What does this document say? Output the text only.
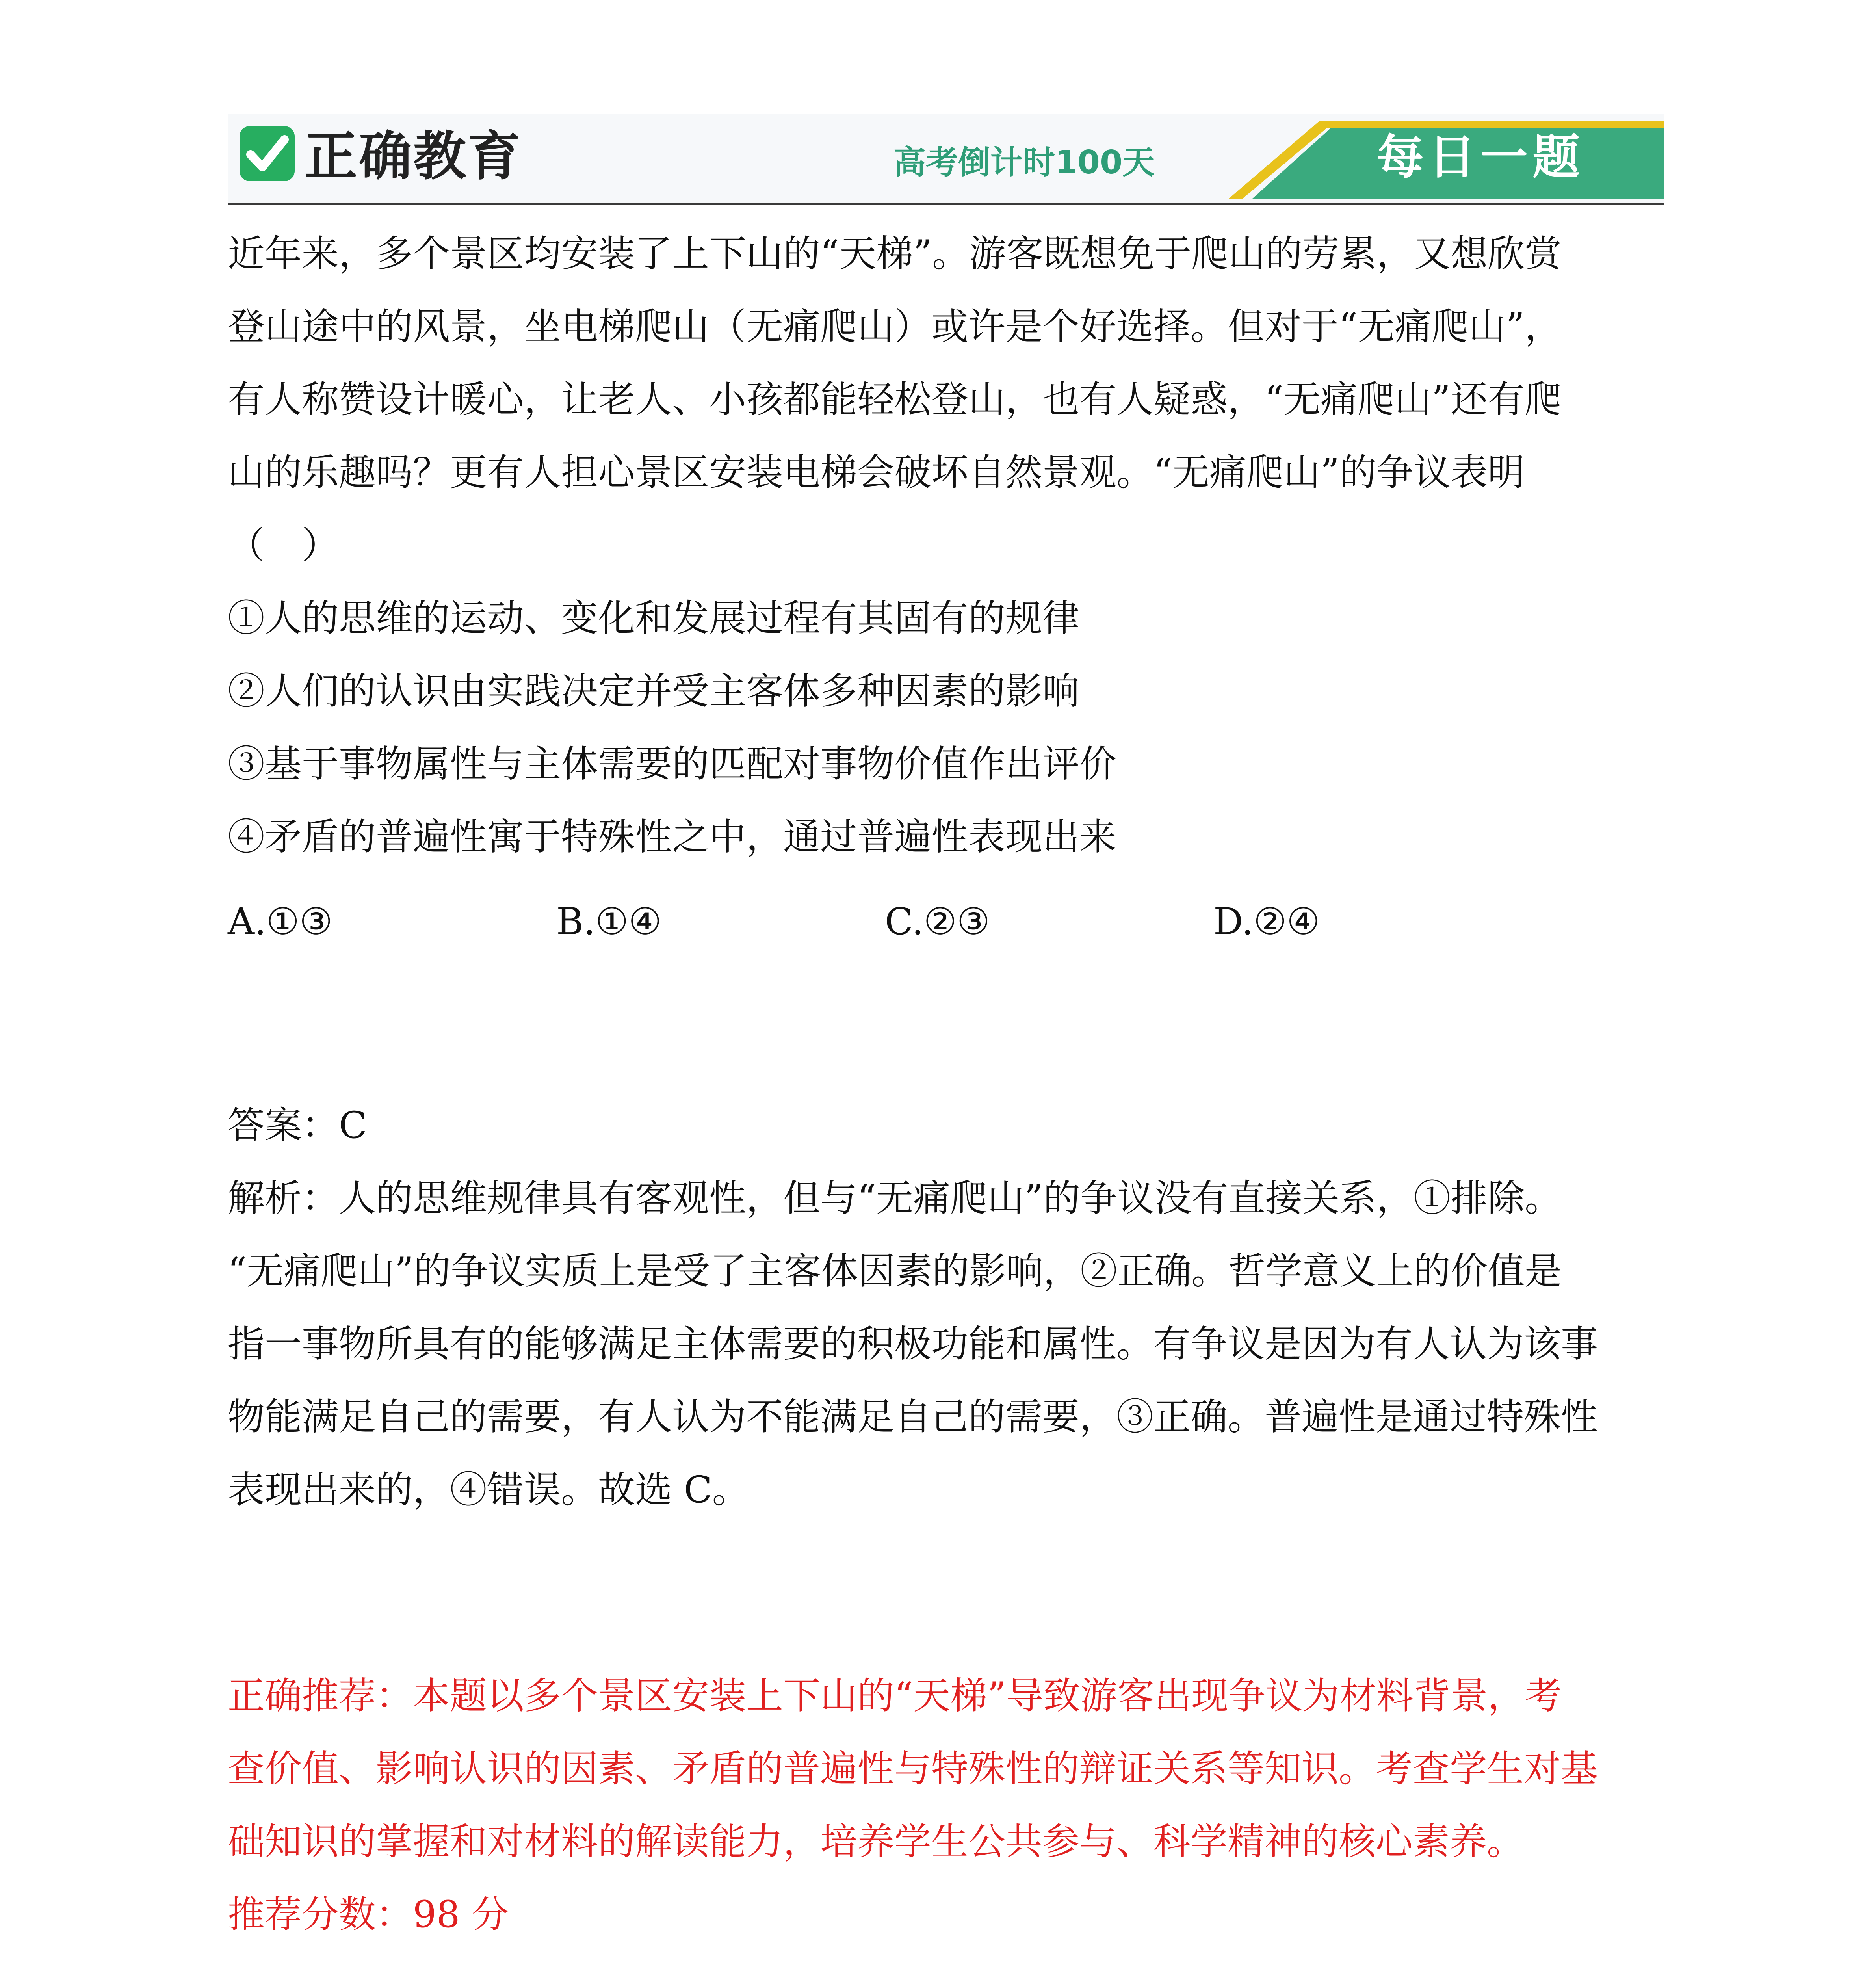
正确教育	高考倒计时100天	每日一题

近年来，多个景区均安装了上下山的“天梯”。游客既想免于爬山的劳累，又想欣赏

登山途中的风景，坐电梯爬山（无痛爬山）或许是个好选择。但对于“无痛爬山”，

有人称赞设计暖心，让老人、小孩都能轻松登山，也有人疑惑，“无痛爬山”还有爬

山的乐趣吗？更有人担心景区安装电梯会破坏自然景观。“无痛爬山”的争议表明

（　）

①人的思维的运动、变化和发展过程有其固有的规律

②人们的认识由实践决定并受主客体多种因素的影响

③基于事物属性与主体需要的匹配对事物价值作出评价

④矛盾的普遍性寓于特殊性之中，通过普遍性表现出来

A.①③	B.①④	C.②③	D.②④

答案：C

解析：人的思维规律具有客观性，但与“无痛爬山”的争议没有直接关系，①排除。

“无痛爬山”的争议实质上是受了主客体因素的影响，②正确。哲学意义上的价值是

指一事物所具有的能够满足主体需要的积极功能和属性。有争议是因为有人认为该事

物能满足自己的需要，有人认为不能满足自己的需要，③正确。普遍性是通过特殊性

表现出来的，④错误。故选 C。

正确推荐：本题以多个景区安装上下山的“天梯”导致游客出现争议为材料背景，考

查价值、影响认识的因素、矛盾的普遍性与特殊性的辩证关系等知识。考查学生对基

础知识的掌握和对材料的解读能力，培养学生公共参与、科学精神的核心素养。

推荐分数：98 分
